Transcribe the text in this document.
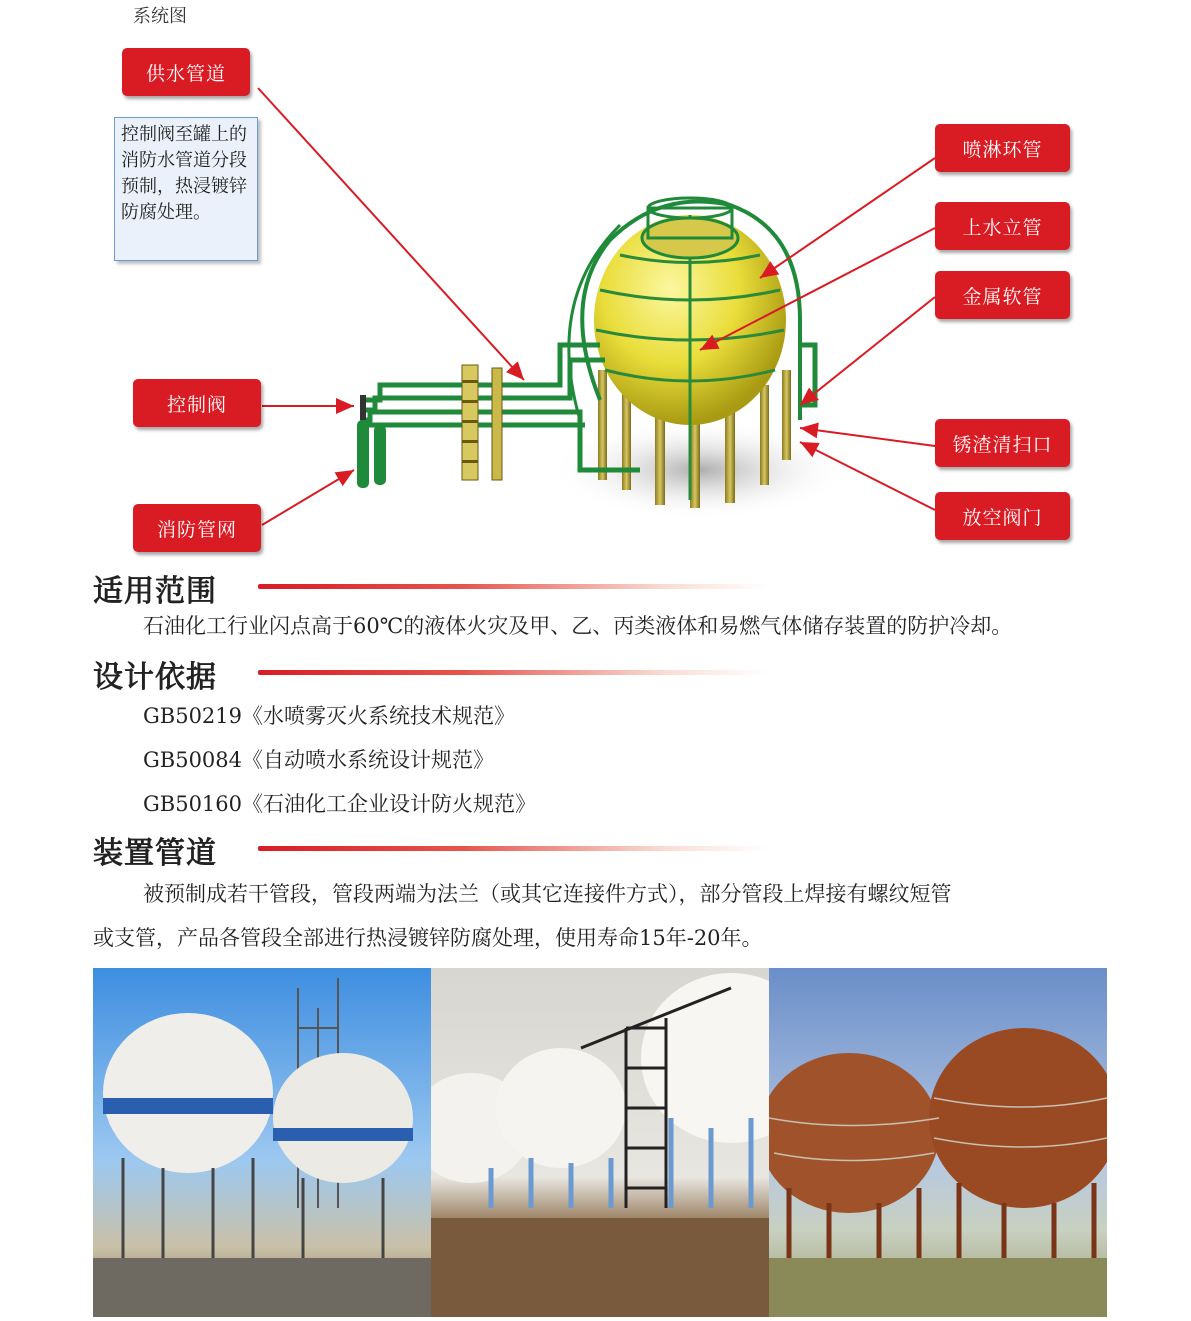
系统图
供水管道
喷淋环管
上水立管
金属软管
控制阀
消防管网
锈渣清扫口
放空阀门
控制阀至罐上的消防水管道分段预制，热浸镀锌防腐处理。
适用范围
石油化工行业闪点高于60℃的液体火灾及甲、乙、丙类液体和易燃气体储存装置的防护冷却。
设计依据
GB50219《水喷雾灭火系统技术规范》
GB50084《自动喷水系统设计规范》
GB50160《石油化工企业设计防火规范》
装置管道
被预制成若干管段，管段两端为法兰（或其它连接件方式），部分管段上焊接有螺纹短管
或支管，产品各管段全部进行热浸镀锌防腐处理，使用寿命15年-20年。
